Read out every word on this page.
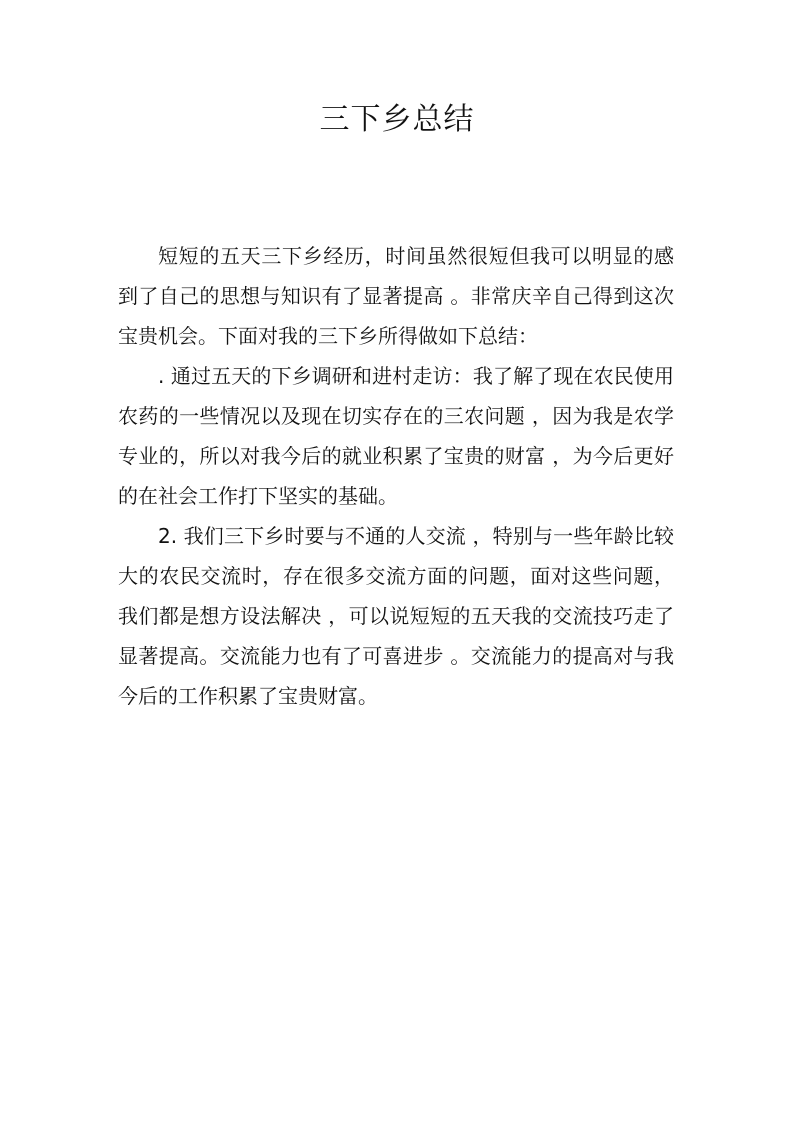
三下乡总结

短短的五天三下乡经历，时间虽然很短但我可以明显的感到了自己的思想与知识有了显著提高 。非常庆辛自己得到这次宝贵机会。下面对我的三下乡所得做如下总结：

. 通过五天的下乡调研和进村走访：我了解了现在农民使用农药的一些情况以及现在切实存在的三农问题 ，因为我是农学专业的，所以对我今后的就业积累了宝贵的财富 ，为今后更好的在社会工作打下坚实的基础。

2. 我们三下乡时要与不通的人交流 ，特别与一些年龄比较大的农民交流时，存在很多交流方面的问题，面对这些问题，我们都是想方设法解决 ，可以说短短的五天我的交流技巧走了显著提高。交流能力也有了可喜进步 。交流能力的提高对与我今后的工作积累了宝贵财富。
